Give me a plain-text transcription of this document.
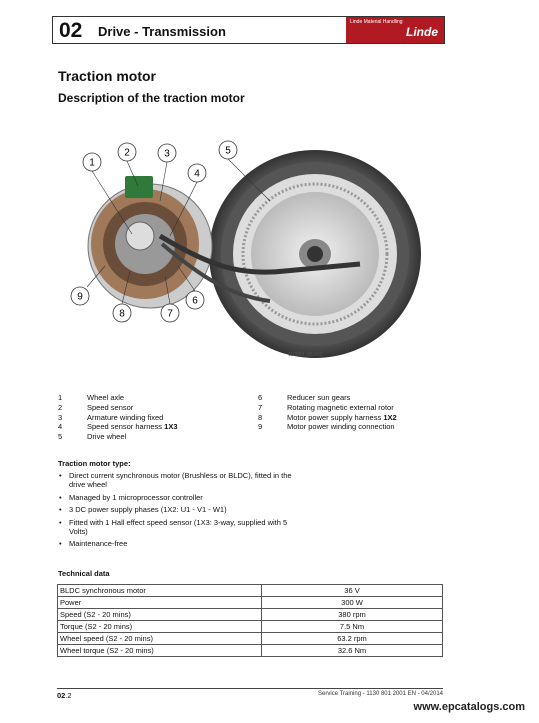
02 Drive - Transmission
Linde Material Handling
Linde
Traction motor
Description of the traction motor
1
2	3
4
5
6
7
8
9
110003_05.001
1	Wheel axle
2	Speed sensor
3	Armature winding fixed
4	Speed sensor harness 1X3
5	Drive wheel
6	Reducer sun gears
7	Rotating magnetic external rotor
8	Motor power supply harness 1X2
9	Motor power winding connection
Traction motor type:
• Direct current synchronous motor (Brushless or BLDC), fitted in the drive wheel
• Managed by 1 microprocessor controller
• 3 DC power supply phases (1X2: U1 - V1 - W1)
• Fitted with 1 Hall effect speed sensor (1X3: 3-way, supplied with 5 Volts)
• Maintenance-free
Technical data
BLDC synchronous motor	36 V
Power	300 W
Speed (S2 - 20 mins)	380 rpm
Torque (S2 - 20 mins)	7.5 Nm
Wheel speed (S2 - 20 mins)	63.2 rpm
Wheel torque (S2 - 20 mins)	32.6 Nm
02.2	Service Training - 1130 801 2001 EN - 04/2014
www.epcatalogs.com
